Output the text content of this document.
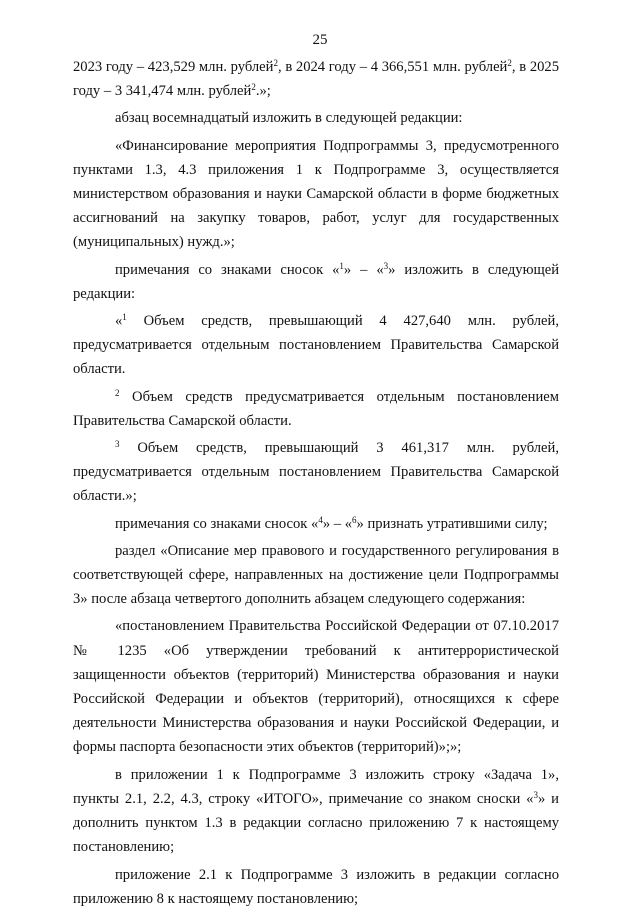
25

2023 году – 423,529 млн. рублей$^2$, в 2024 году – 4 366,551 млн. рублей$^2$, в 2025 году – 3 341,474 млн. рублей$^2$.»;

абзац восемнадцатый изложить в следующей редакции:

«Финансирование мероприятия Подпрограммы 3, предусмотренного пунктами 1.3, 4.3 приложения 1 к Подпрограмме 3, осуществляется министерством образования и науки Самарской области в форме бюджетных ассигнований на закупку товаров, работ, услуг для государственных (муниципальных) нужд.»;

примечания со знаками сносок «$^1$» – «$^3$» изложить в следующей редакции:

«$^1$ Объем средств, превышающий 4 427,640 млн. рублей, предусматривается отдельным постановлением Правительства Самарской области.

$^2$ Объем средств предусматривается отдельным постановлением Правительства Самарской области.

$^3$ Объем средств, превышающий 3 461,317 млн. рублей, предусматривается отдельным постановлением Правительства Самарской области.»;

примечания со знаками сносок «$^4$» – «$^6$» признать утратившими силу;

раздел «Описание мер правового и государственного регулирования в соответствующей сфере, направленных на достижение цели Подпрограммы 3» после абзаца четвертого дополнить абзацем следующего содержания:

«постановлением Правительства Российской Федерации от 07.10.2017 № 1235 «Об утверждении требований к антитеррористической защищенности объектов (территорий) Министерства образования и науки Российской Федерации и объектов (территорий), относящихся к сфере деятельности Министерства образования и науки Российской Федерации, и формы паспорта безопасности этих объектов (территорий)»;»;

в приложении 1 к Подпрограмме 3 изложить строку «Задача 1», пункты 2.1, 2.2, 4.3, строку «ИТОГО», примечание со знаком сноски «$^3$» и дополнить пунктом 1.3 в редакции согласно приложению 7 к настоящему постановлению;

приложение 2.1 к Подпрограмме 3 изложить в редакции согласно приложению 8 к настоящему постановлению;
